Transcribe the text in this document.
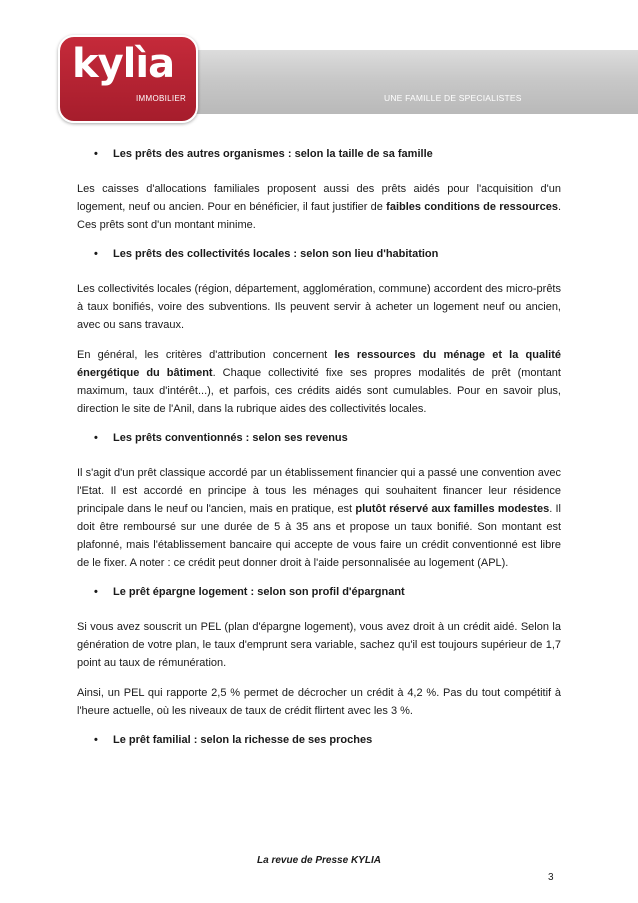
UNE FAMILLE DE SPECIALISTES
kylìa
IMMOBILIER
• Les prêts des autres organismes : selon la taille de sa famille

Les caisses d'allocations familiales proposent aussi des prêts aidés pour l'acquisition d'un logement, neuf ou ancien. Pour en bénéficier, il faut justifier de faibles conditions de ressources. Ces prêts sont d'un montant minime.

• Les prêts des collectivités locales : selon son lieu d'habitation

Les collectivités locales (région, département, agglomération, commune) accordent des micro-prêts à taux bonifiés, voire des subventions. Ils peuvent servir à acheter un logement neuf ou ancien, avec ou sans travaux.

En général, les critères d'attribution concernent les ressources du ménage et la qualité énergétique du bâtiment. Chaque collectivité fixe ses propres modalités de prêt (montant maximum, taux d'intérêt...), et parfois, ces crédits aidés sont cumulables. Pour en savoir plus, direction le site de l'Anil, dans la rubrique aides des collectivités locales.

• Les prêts conventionnés : selon ses revenus

Il s'agit d'un prêt classique accordé par un établissement financier qui a passé une convention avec l'Etat. Il est accordé en principe à tous les ménages qui souhaitent financer leur résidence principale dans le neuf ou l'ancien, mais en pratique, est plutôt réservé aux familles modestes. Il doit être remboursé sur une durée de 5 à 35 ans et propose un taux bonifié. Son montant est plafonné, mais l'établissement bancaire qui accepte de vous faire un crédit conventionné est libre de le fixer. A noter : ce crédit peut donner droit à l'aide personnalisée au logement (APL).

• Le prêt épargne logement : selon son profil d'épargnant

Si vous avez souscrit un PEL (plan d'épargne logement), vous avez droit à un crédit aidé. Selon la génération de votre plan, le taux d'emprunt sera variable, sachez qu'il est toujours supérieur de 1,7 point au taux de rémunération.

Ainsi, un PEL qui rapporte 2,5 % permet de décrocher un crédit à 4,2 %. Pas du tout compétitif à l'heure actuelle, où les niveaux de taux de crédit flirtent avec les 3 %.

• Le prêt familial : selon la richesse de ses proches
La revue de Presse KYLIA
3
